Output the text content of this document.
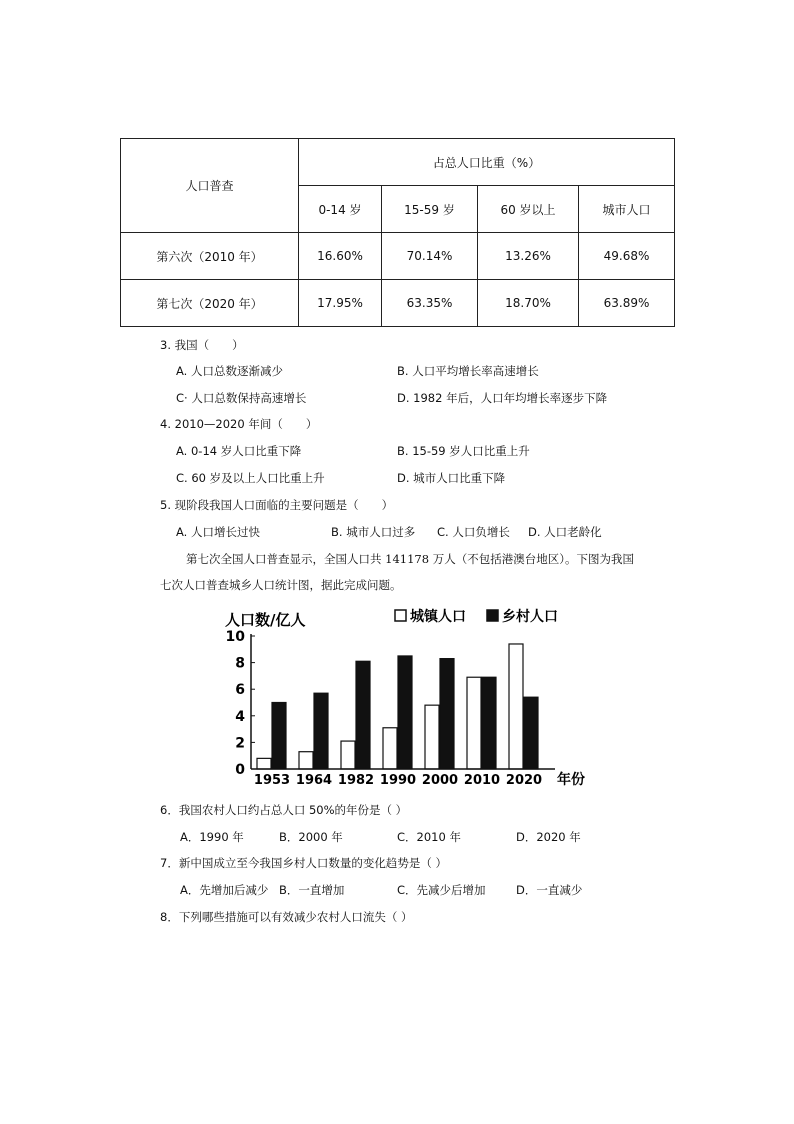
人口普查	占总人口比重（%）			
	0-14 岁	15-59 岁	60 岁以上	城市人口
第六次（2010 年）	16.60%	70.14%	13.26%	49.68%
第七次（2020 年）	17.95%	63.35%	18.70%	63.89%
3. 我国（　　）
A. 人口总数逐渐减少	B. 人口平均增长率高速增长
C· 人口总数保持高速增长	D. 1982 年后，人口年均增长率逐步下降
4. 2010—2020 年间（　　）
A. 0-14 岁人口比重下降	B. 15-59 岁人口比重上升
C. 60 岁及以上人口比重上升	D. 城市人口比重下降
5. 现阶段我国人口面临的主要问题是（　　）
A. 人口增长过快	B. 城市人口过多 C. 人口负增长 D. 人口老龄化
第七次全国人口普查显示，全国人口共 141178 万人（不包括港澳台地区）。下图为我国
七次人口普查城乡人口统计图，据此完成问题。
人口数/亿人	城镇人口	乡村人口
0
2
4
6
8
10
1953 1964 1982 1990 2000 2010 2020 年份
6．我国农村人口约占总人口 50%的年份是（ ）
A．1990 年	B．2000 年	C．2010 年	D．2020 年
7．新中国成立至今我国乡村人口数量的变化趋势是（ ）
A．先增加后减少 B．一直增加	C．先减少后增加	D．一直减少
8．下列哪些措施可以有效减少农村人口流失（ ）
